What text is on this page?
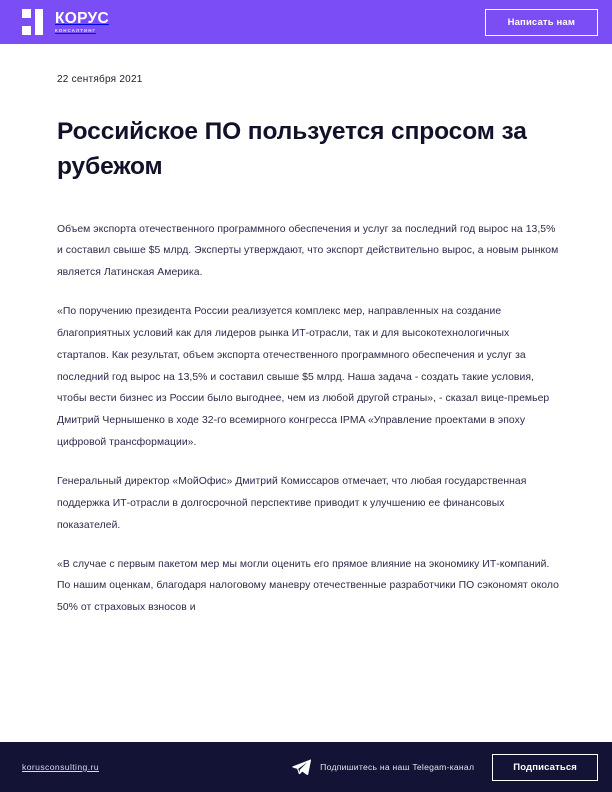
КОРУС
КОНСАЛТИНГ
Написать нам
22 сентября 2021
Российское ПО пользуется спросом за рубежом

Объем экспорта отечественного программного обеспечения и услуг за последний год вырос на 13,5% и составил свыше $5 млрд. Эксперты утверждают, что экспорт действительно вырос, а новым рынком является Латинская Америка.

«По поручению президента России реализуется комплекс мер, направленных на создание благоприятных условий как для лидеров рынка ИТ-отрасли, так и для высокотехнологичных стартапов. Как результат, объем экспорта отечественного программного обеспечения и услуг за последний год вырос на 13,5% и составил свыше $5 млрд. Наша задача - создать такие условия, чтобы вести бизнес из России было выгоднее, чем из любой другой страны», - сказал вице-премьер Дмитрий Чернышенко в ходе 32-го всемирного конгресса IPMA «Управление проектами в эпоху цифровой трансформации».

Генеральный директор «МойОфис» Дмитрий Комиссаров отмечает, что любая государственная поддержка ИТ-отрасли в долгосрочной перспективе приводит к улучшению ее финансовых показателей.

«В случае с первым пакетом мер мы могли оценить его прямое влияние на экономику ИТ-компаний. По нашим оценкам, благодаря налоговому маневру отечественные разработчики ПО сэкономят около 50% от страховых взносов и

korusconsulting.ru	Подпишитесь на наш Telegam-канал	Подписаться
